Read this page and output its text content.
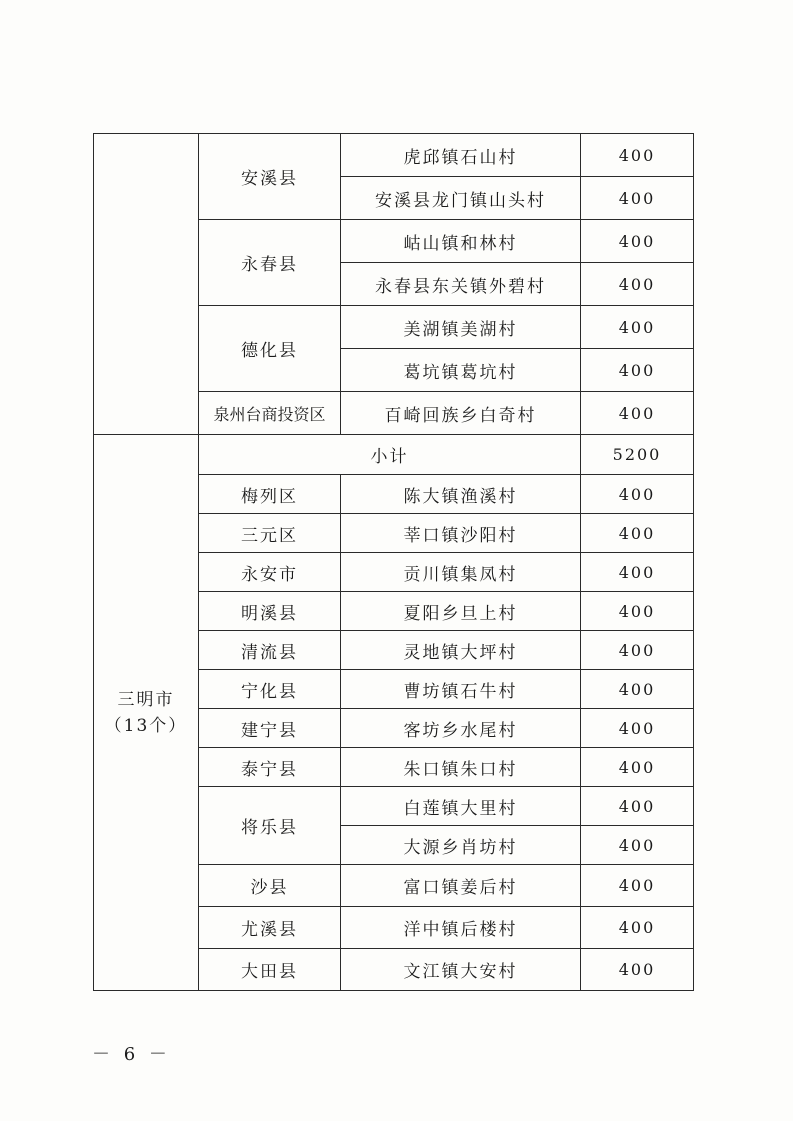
	安溪县	虎邱镇石山村	400
		安溪县龙门镇山头村	400
	永春县	岵山镇和林村	400
		永春县东关镇外碧村	400
	德化县	美湖镇美湖村	400
		葛坑镇葛坑村	400
	泉州台商投资区	百崎回族乡白奇村	400

三明市
（13个）	小计		5200
	梅列区	陈大镇渔溪村	400
	三元区	莘口镇沙阳村	400
	永安市	贡川镇集凤村	400
	明溪县	夏阳乡旦上村	400
	清流县	灵地镇大坪村	400
	宁化县	曹坊镇石牛村	400
	建宁县	客坊乡水尾村	400
	泰宁县	朱口镇朱口村	400
	将乐县	白莲镇大里村	400
		大源乡肖坊村	400
	沙县	富口镇姜后村	400
	尤溪县	洋中镇后楼村	400
	大田县	文江镇大安村	400
－ 6 －
